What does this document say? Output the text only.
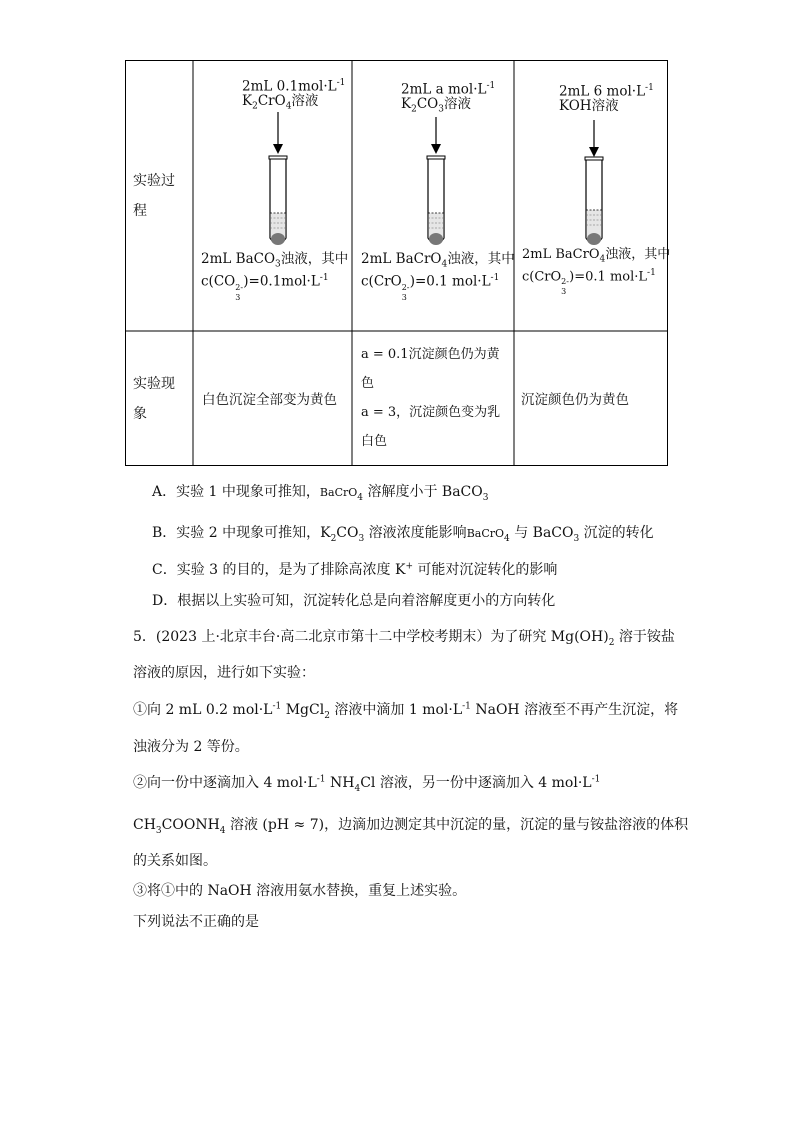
实验过
程
实验现
象
2mL $0.1mol\cdot L^{-1}$
$K_2CrO_4$溶液
2mL BaCO$_3$浊液，其中
c(CO 2-
3
)$=0.1mol\cdot L^{-1}$
2mL a $mol\cdot L^{-1}$
$K_2CO_3$溶液
2mL BaCrO$_4$浊液，其中
c(CrO 2-
3
)=0.1 $mol\cdot L^{-1}$
2mL 6 $mol\cdot L^{-1}$
KOH溶液
2mL BaCrO$_4$浊液，其中
c(CrO 2-
3
)=0.1 $mol\cdot L^{-1}$
白色沉淀全部变为黄色
a = 0.1沉淀颜色仍为黄
色
a = 3，沉淀颜色变为乳
白色
沉淀颜色仍为黄色
A．实验 1 中现象可推知，BaCrO$_4$ 溶解度小于 BaCO$_3$
B．实验 2 中现象可推知，$K_2CO_3$ 溶液浓度能影响BaCrO$_4$ 与 BaCO$_3$ 沉淀的转化
C．实验 3 的目的，是为了排除高浓度 K+ 可能对沉淀转化的影响
D．根据以上实验可知，沉淀转化总是向着溶解度更小的方向转化
5．(2023 上·北京丰台·高二北京市第十二中学校考期末）为了研究 $Mg(OH)_2$ 溶于铵盐
溶液的原因，进行如下实验：
①向 2 mL 0.2 $mol\cdot L^{-1}$ MgCl$_2$ 溶液中滴加 1 $mol\cdot L^{-1}$ NaOH 溶液至不再产生沉淀，将
浊液分为 2 等份。
②向一份中逐滴加入 4 $mol\cdot L^{-1}$ $NH_4Cl$ 溶液，另一份中逐滴加入 4 $mol\cdot L^{-1}$
$CH_3COONH_4$ 溶液 (pH ≈ 7)，边滴加边测定其中沉淀的量，沉淀的量与铵盐溶液的体积
的关系如图。
③将①中的 NaOH 溶液用氨水替换，重复上述实验。
下列说法不正确的是
